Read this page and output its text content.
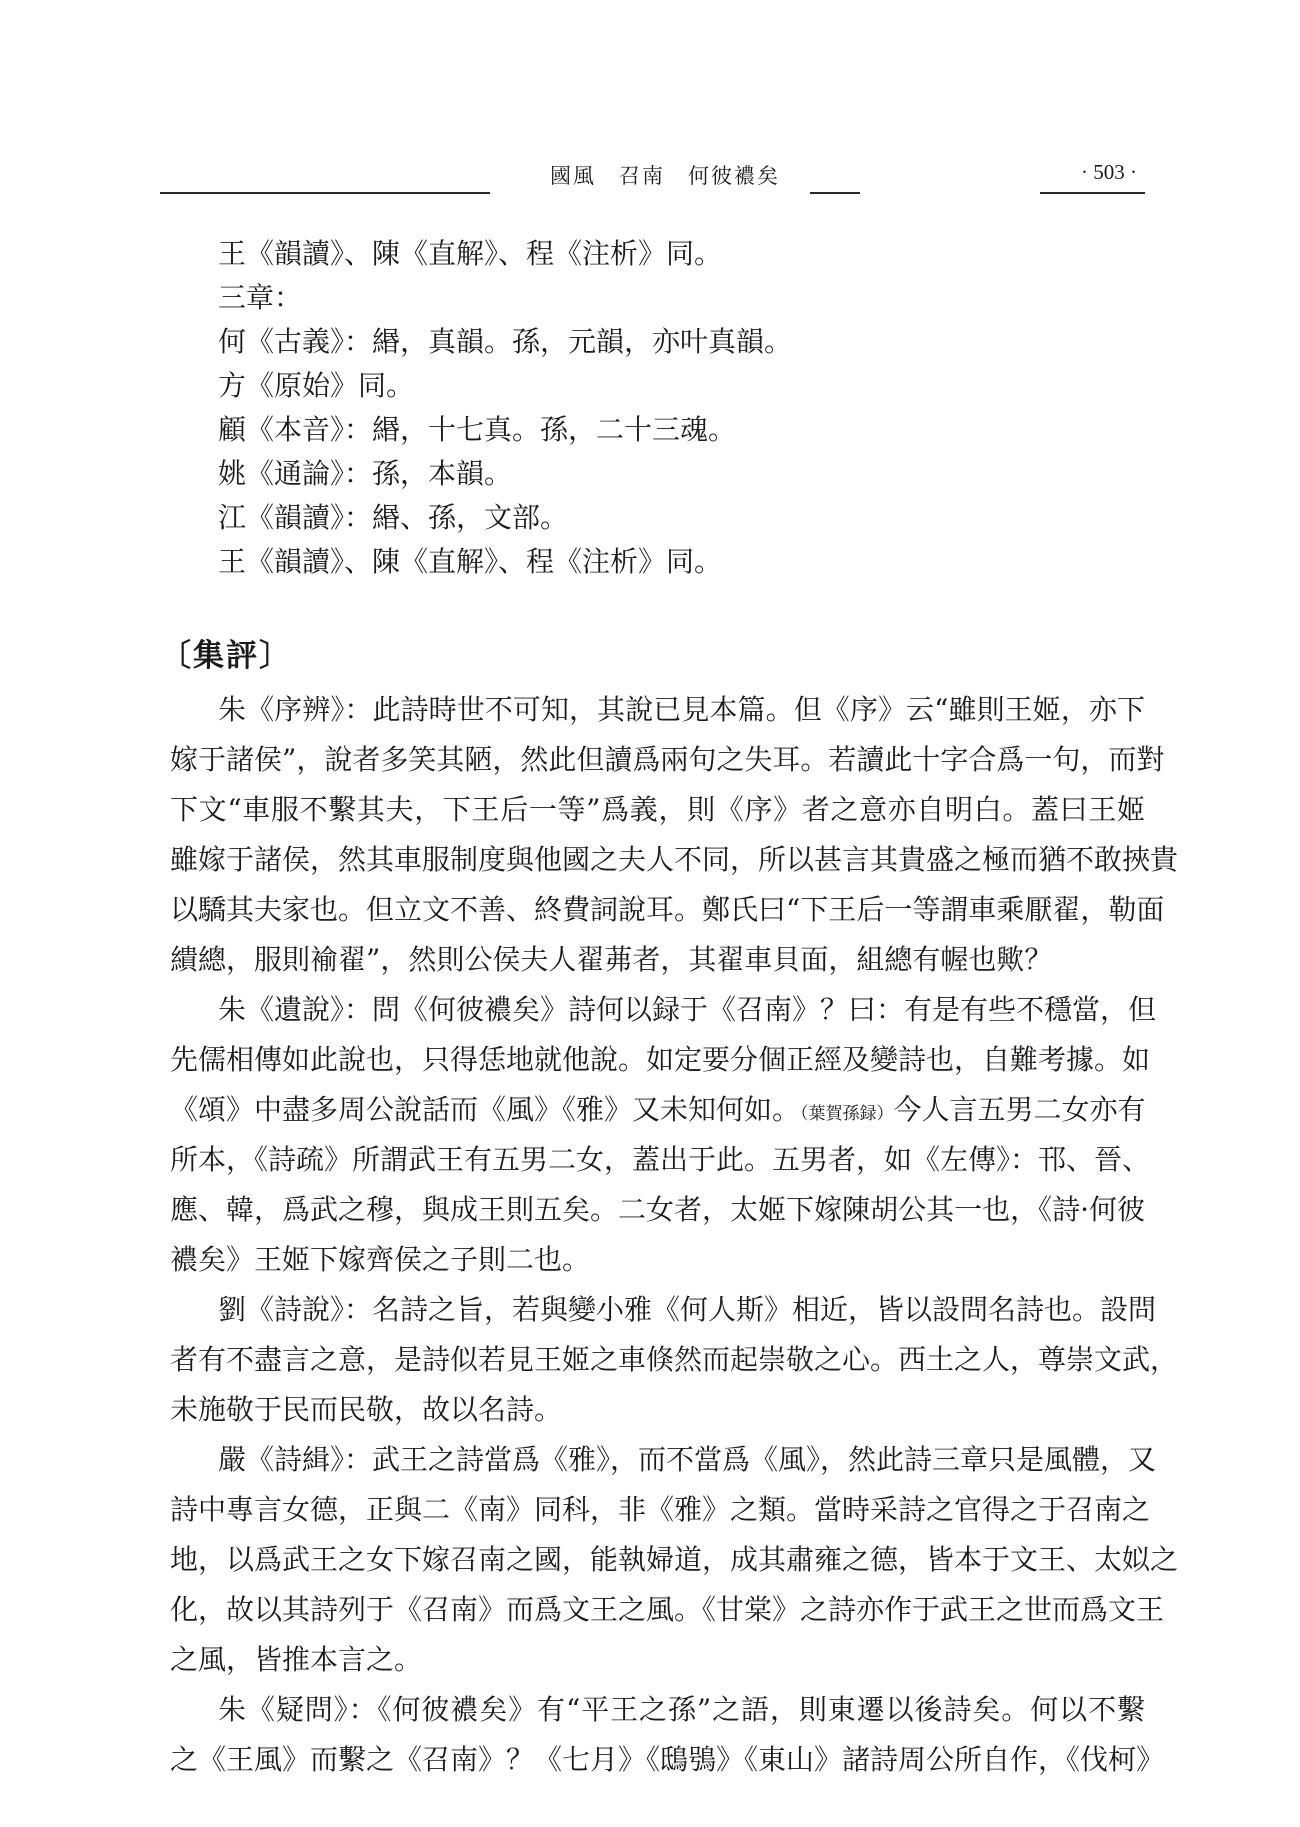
國風　召南　何彼襛矣	· 503 ·
王《韻讀》、陳《直解》、程《注析》同。
三章：
何《古義》：緡，真韻。孫，元韻，亦叶真韻。
方《原始》同。
顧《本音》：緡，十七真。孫，二十三魂。
姚《通論》：孫，本韻。
江《韻讀》：緡、孫，文部。
王《韻讀》、陳《直解》、程《注析》同。
〔集評〕
朱《序辨》：此詩時世不可知，其說已見本篇。但《序》云“雖則王姬，亦下
嫁于諸侯”，說者多笑其陋，然此但讀爲兩句之失耳。若讀此十字合爲一句，而對
下文“車服不繫其夫，下王后一等”爲義，則《序》者之意亦自明白。蓋曰王姬
雖嫁于諸侯，然其車服制度與他國之夫人不同，所以甚言其貴盛之極而猶不敢挾貴
以驕其夫家也。但立文不善、終費詞說耳。鄭氏曰“下王后一等謂車乘厭翟，勒面
繢總，服則褕翟”，然則公侯夫人翟茀者，其翟車貝面，組總有幄也歟？
朱《遺說》：問《何彼襛矣》詩何以録于《召南》？曰：有是有些不穩當，但
先儒相傳如此說也，只得恁地就他說。如定要分個正經及變詩也，自難考據。如
《頌》中盡多周公說話而《風》《雅》又未知何如。（葉賀孫録）今人言五男二女亦有
所本，《詩疏》所謂武王有五男二女，蓋出于此。五男者，如《左傳》：邗、晉、
應、韓，爲武之穆，與成王則五矣。二女者，太姬下嫁陳胡公其一也，《詩·何彼
襛矣》王姬下嫁齊侯之子則二也。
劉《詩說》：名詩之旨，若與變小雅《何人斯》相近，皆以設問名詩也。設問
者有不盡言之意，是詩似若見王姬之車倏然而起崇敬之心。西土之人，尊崇文武，
未施敬于民而民敬，故以名詩。
嚴《詩緝》：武王之詩當爲《雅》，而不當爲《風》，然此詩三章只是風體，又
詩中專言女德，正與二《南》同科，非《雅》之類。當時采詩之官得之于召南之
地，以爲武王之女下嫁召南之國，能執婦道，成其肅雍之德，皆本于文王、太姒之
化，故以其詩列于《召南》而爲文王之風。《甘棠》之詩亦作于武王之世而爲文王
之風，皆推本言之。
朱《疑問》：《何彼襛矣》有“平王之孫”之語，則東遷以後詩矣。何以不繫
之《王風》而繫之《召南》？《七月》《鴟鴞》《東山》諸詩周公所自作，《伐柯》
